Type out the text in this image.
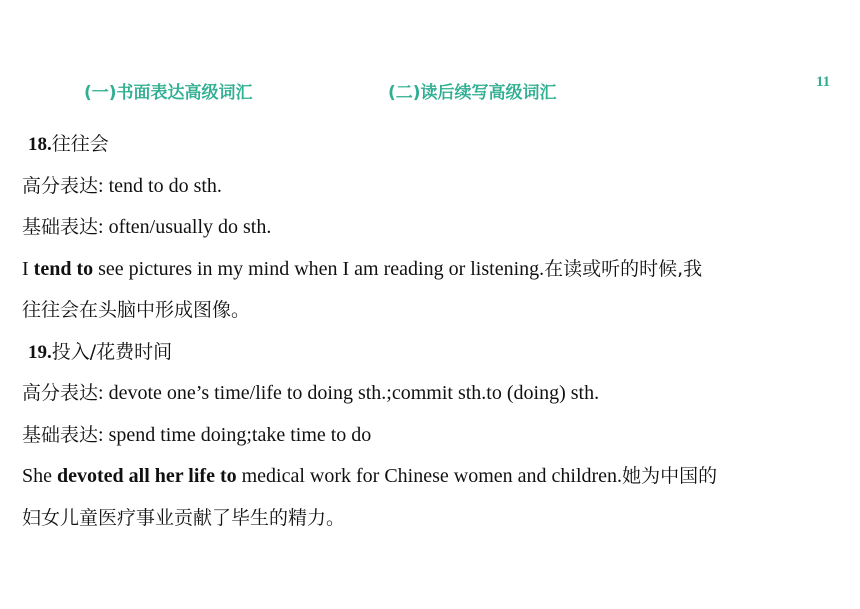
(一)书面表达高级词汇	(二)读后续写高级词汇
11
18.往往会
高分表达: tend to do sth.
基础表达: often/usually do sth.
I tend to see pictures in my mind when I am reading or listening.在读或听的时候,我
往往会在头脑中形成图像。
19.投入/花费时间
高分表达: devote one’s time/life to doing sth.;commit sth.to (doing) sth.
基础表达: spend time doing;take time to do
She devoted all her life to medical work for Chinese women and children.她为中国的
妇女儿童医疗事业贡献了毕生的精力。
